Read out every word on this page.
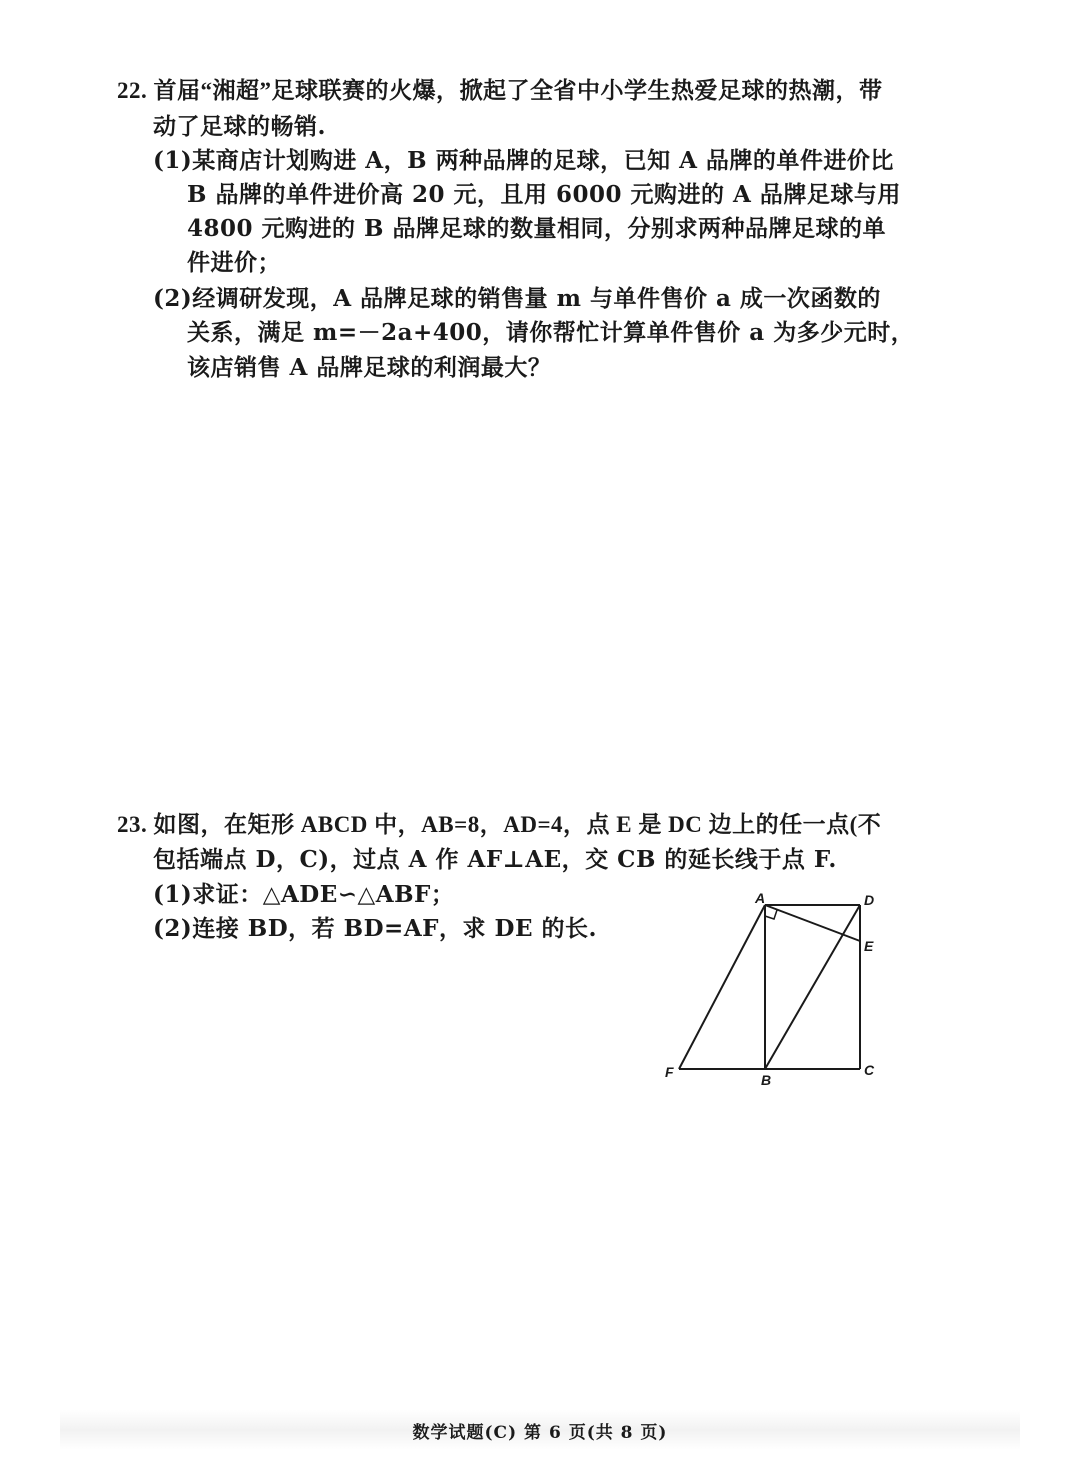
22. 首届“湘超”足球联赛的火爆，掀起了全省中小学生热爱足球的热潮，带
动了足球的畅销.
(1)某商店计划购进 A，B 两种品牌的足球，已知 A 品牌的单件进价比
B 品牌的单件进价高 20 元，且用 6000 元购进的 A 品牌足球与用
4800 元购进的 B 品牌足球的数量相同，分别求两种品牌足球的单
件进价；
(2)经调研发现，A 品牌足球的销售量 m 与单件售价 a 成一次函数的
关系，满足 m=－2a+400，请你帮忙计算单件售价 a 为多少元时，
该店销售 A 品牌足球的利润最大？
23. 如图，在矩形 ABCD 中，AB=8，AD=4，点 E 是 DC 边上的任一点(不
包括端点 D，C)，过点 A 作 AF⊥AE，交 CB 的延长线于点 F.
(1)求证：△ADE∽△ABF；
(2)连接 BD，若 BD=AF，求 DE 的长.
A	D
E
C
B
F
数学试题(C) 第 6 页(共 8 页)
